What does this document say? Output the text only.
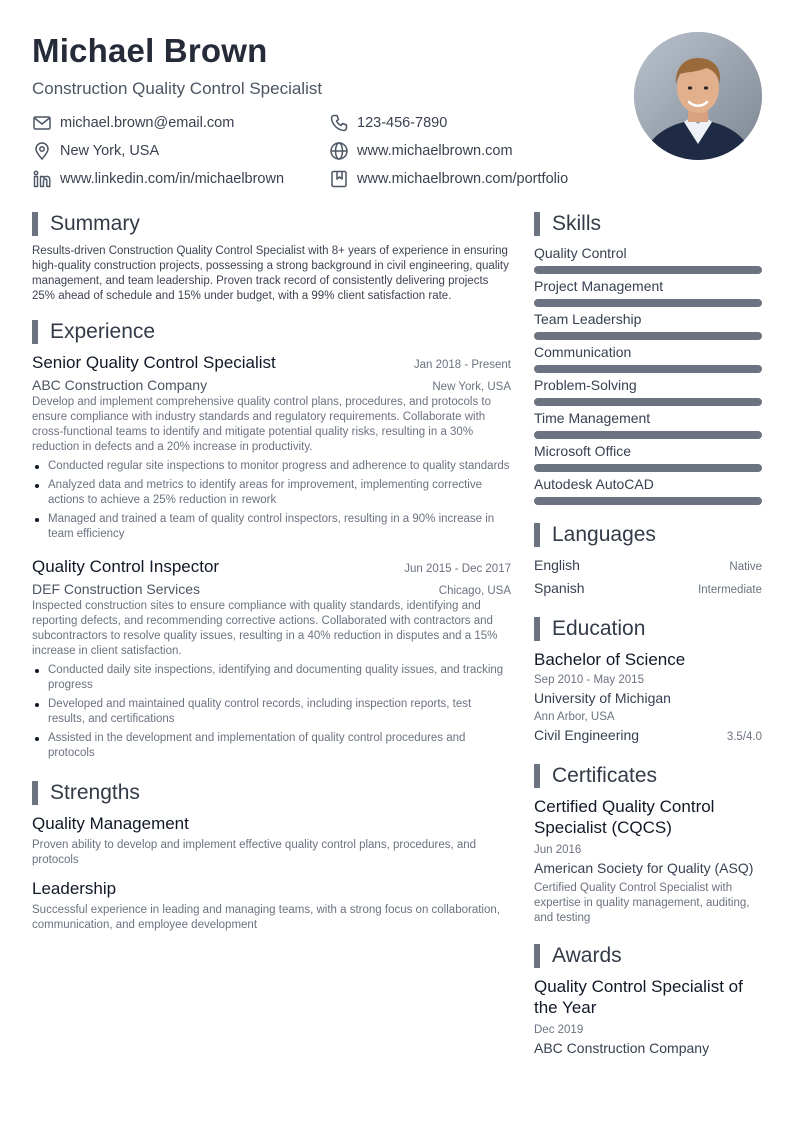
Michael Brown
Construction Quality Control Specialist
michael.brown@email.com	123-456-7890
New York, USA	www.michaelbrown.com
www.linkedin.com/in/michaelbrown	www.michaelbrown.com/portfolio
Summary
Results-driven Construction Quality Control Specialist with 8+ years of experience in ensuring high-quality construction projects, possessing a strong background in civil engineering, quality management, and team leadership. Proven track record of consistently delivering projects 25% ahead of schedule and 15% under budget, with a 99% client satisfaction rate.
Experience
Senior Quality Control Specialist	Jan 2018 - Present
ABC Construction Company	New York, USA
Develop and implement comprehensive quality control plans, procedures, and protocols to ensure compliance with industry standards and regulatory requirements. Collaborate with cross-functional teams to identify and mitigate potential quality risks, resulting in a 30% reduction in defects and a 20% increase in productivity.
Conducted regular site inspections to monitor progress and adherence to quality standards
Analyzed data and metrics to identify areas for improvement, implementing corrective actions to achieve a 25% reduction in rework
Managed and trained a team of quality control inspectors, resulting in a 90% increase in team efficiency
Quality Control Inspector	Jun 2015 - Dec 2017
DEF Construction Services	Chicago, USA
Inspected construction sites to ensure compliance with quality standards, identifying and reporting defects, and recommending corrective actions. Collaborated with contractors and subcontractors to resolve quality issues, resulting in a 40% reduction in disputes and a 15% increase in client satisfaction.
Conducted daily site inspections, identifying and documenting quality issues, and tracking progress
Developed and maintained quality control records, including inspection reports, test results, and certifications
Assisted in the development and implementation of quality control procedures and protocols
Strengths
Quality Management
Proven ability to develop and implement effective quality control plans, procedures, and protocols
Leadership
Successful experience in leading and managing teams, with a strong focus on collaboration, communication, and employee development
Skills
Quality Control
Project Management
Team Leadership
Communication
Problem-Solving
Time Management
Microsoft Office
Autodesk AutoCAD
Languages
English	Native
Spanish	Intermediate
Education
Bachelor of Science
Sep 2010 - May 2015
University of Michigan
Ann Arbor, USA
Civil Engineering	3.5/4.0
Certificates
Certified Quality Control Specialist (CQCS)
Jun 2016
American Society for Quality (ASQ)
Certified Quality Control Specialist with expertise in quality management, auditing, and testing
Awards
Quality Control Specialist of the Year
Dec 2019
ABC Construction Company
